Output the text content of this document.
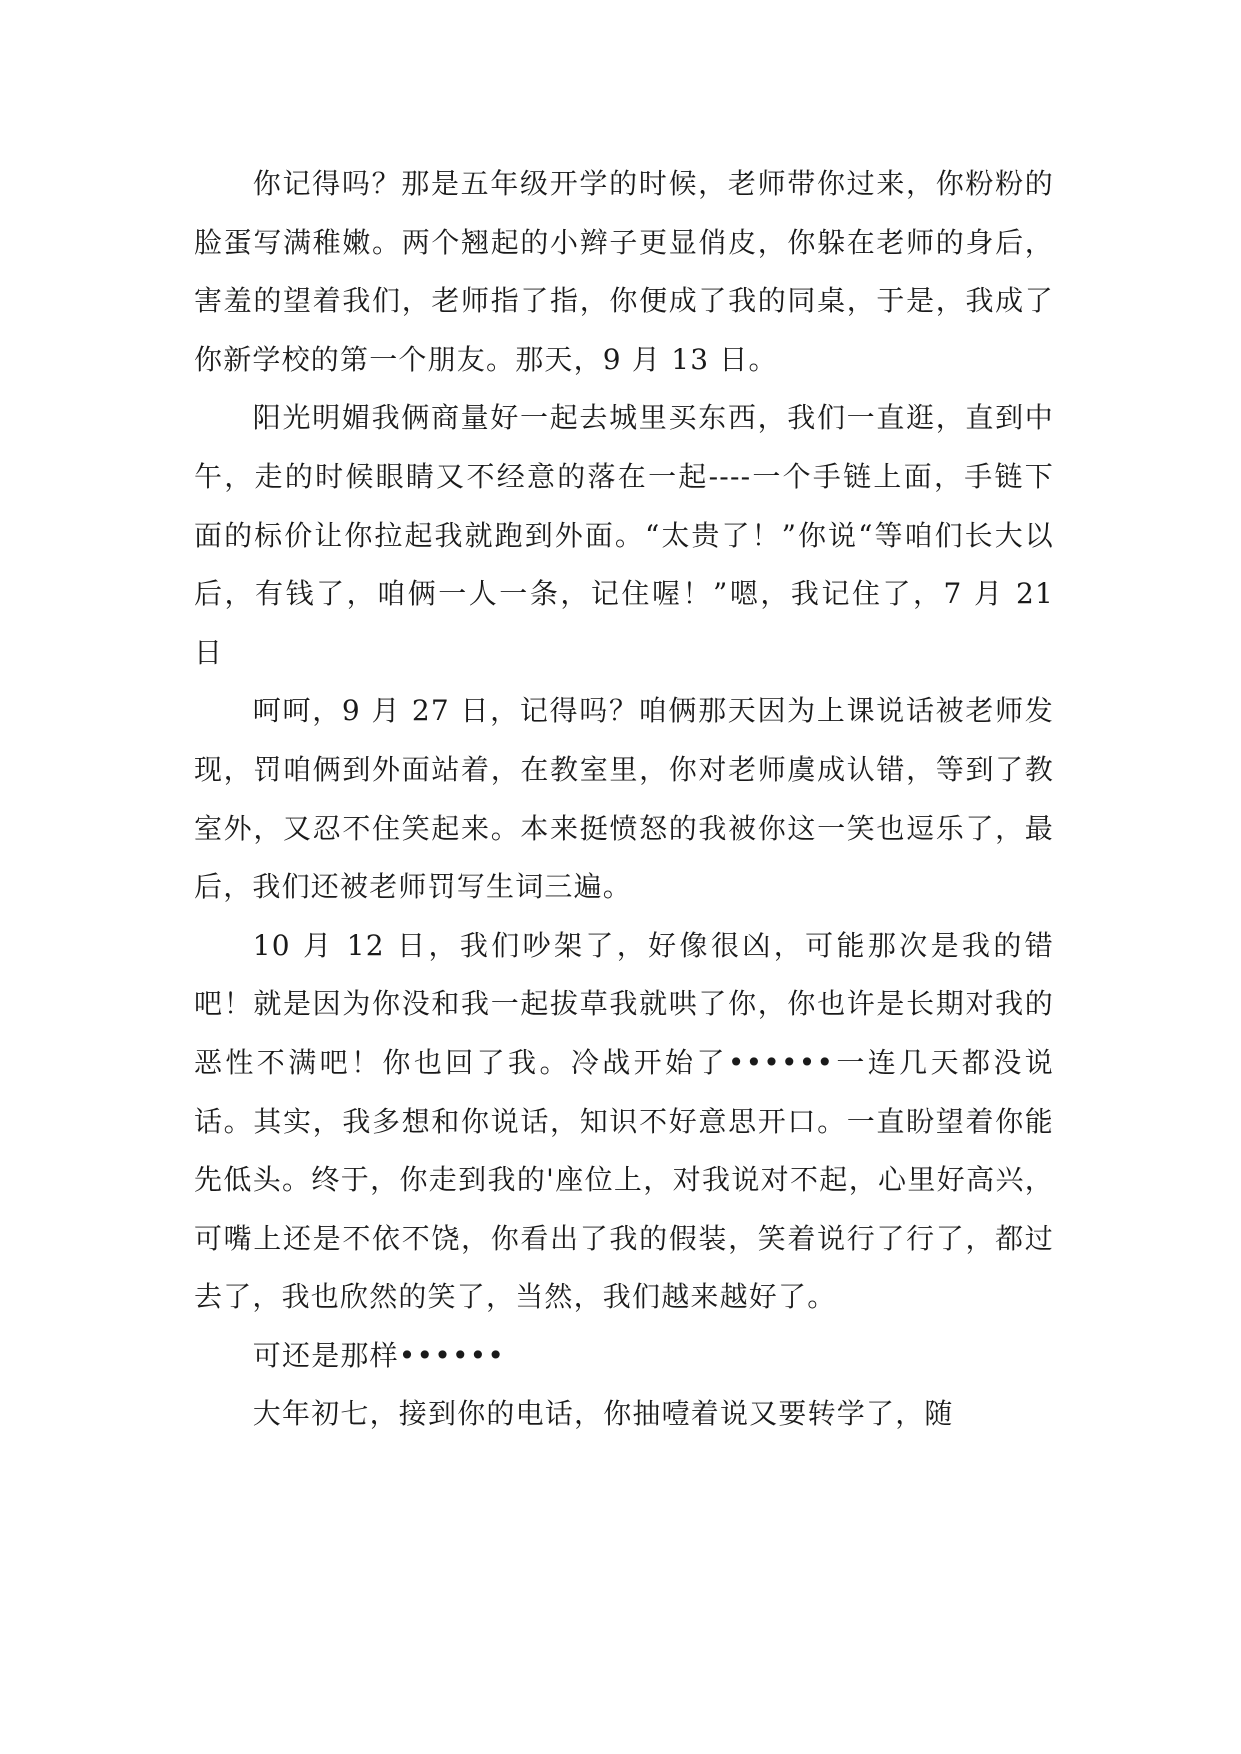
你记得吗？那是五年级开学的时候，老师带你过来，你粉粉的脸蛋写满稚嫩。两个翘起的小辫子更显俏皮，你躲在老师的身后，害羞的望着我们，老师指了指，你便成了我的同桌，于是，我成了你新学校的第一个朋友。那天，9 月 13 日。

阳光明媚我俩商量好一起去城里买东西，我们一直逛，直到中午，走的时候眼睛又不经意的落在一起----一个手链上面，手链下面的标价让你拉起我就跑到外面。“太贵了！”你说“等咱们长大以后，有钱了，咱俩一人一条，记住喔！”嗯，我记住了，7 月 21 日

呵呵，9 月 27 日，记得吗？咱俩那天因为上课说话被老师发现，罚咱俩到外面站着，在教室里，你对老师虞成认错，等到了教室外，又忍不住笑起来。本来挺愤怒的我被你这一笑也逗乐了，最后，我们还被老师罚写生词三遍。

10 月 12 日，我们吵架了，好像很凶，可能那次是我的错吧！就是因为你没和我一起拔草我就哄了你，你也许是长期对我的恶性不满吧！你也回了我。冷战开始了••••••一连几天都没说话。其实，我多想和你说话，知识不好意思开口。一直盼望着你能先低头。终于，你走到我的'座位上，对我说对不起，心里好高兴，可嘴上还是不依不饶，你看出了我的假装，笑着说行了行了，都过去了，我也欣然的笑了，当然，我们越来越好了。

可还是那样••••••

大年初七，接到你的电话，你抽噎着说又要转学了，随
